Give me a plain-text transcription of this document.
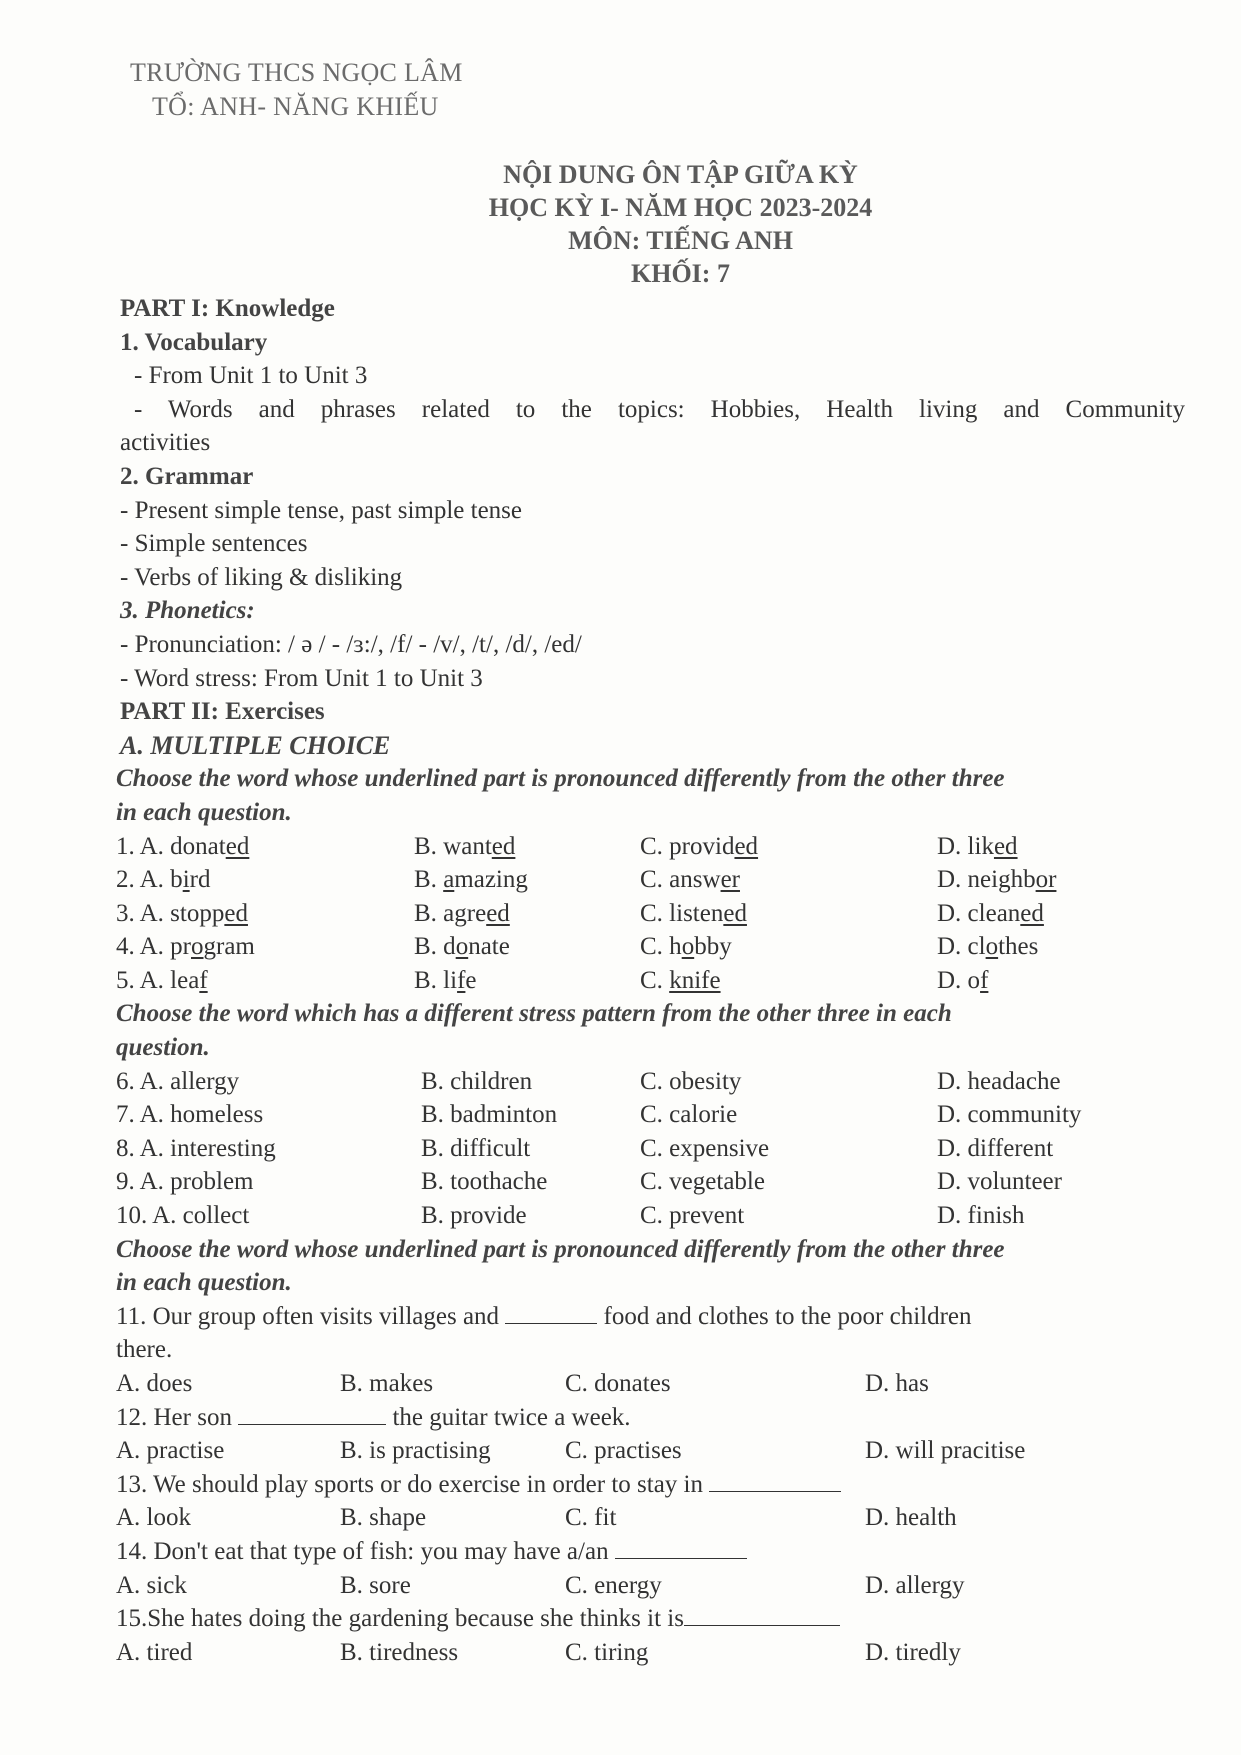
TRƯỜNG THCS NGỌC LÂM
TỔ: ANH- NĂNG KHIẾU
NỘI DUNG ÔN TẬP GIỮA KỲ
HỌC KỲ I- NĂM HỌC 2023-2024
MÔN: TIẾNG ANH
KHỐI: 7
PART I: Knowledge
1. Vocabulary
- From Unit 1 to Unit 3
- Words and phrases related to the topics: Hobbies, Health living and Community
activities
2. Grammar
- Present simple tense, past simple tense
- Simple sentences
- Verbs of liking & disliking
3. Phonetics:
- Pronunciation: / ə / - /ɜ:/, /f/ - /v/, /t/, /d/, /ed/
- Word stress: From Unit 1 to Unit 3
PART II: Exercises
A. MULTIPLE CHOICE
Choose the word whose underlined part is pronounced differently from the other three
in each question.
1. A. donated	B. wanted	C. provided	D. liked
2. A. bird	B. amazing	C. answer	D. neighbor
3. A. stopped	B. agreed	C. listened	D. cleaned
4. A. program	B. donate	C. hobby	D. clothes
5. A. leaf	B. life	C. knife	D. of
Choose the word which has a different stress pattern from the other three in each
question.
6. A. allergy	B. children	C. obesity	D. headache
7. A. homeless	B. badminton	C. calorie	D. community
8. A. interesting	B. difficult	C. expensive	D. different
9. A. problem	B. toothache	C. vegetable	D. volunteer
10. A. collect	B. provide	C. prevent	D. finish
Choose the word whose underlined part is pronounced differently from the other three
in each question.
11. Our group often visits villages and	food and clothes to the poor children
there.
A. does	B. makes	C. donates	D. has
12. Her son	the guitar twice a week.
A. practise	B. is practising	C. practises	D. will pracitise
13. We should play sports or do exercise in order to stay in
A. look	B. shape	C. fit	D. health
14. Don't eat that type of fish: you may have a/an
A. sick	B. sore	C. energy	D. allergy
15.She hates doing the gardening because she thinks it is
A. tired	B. tiredness	C. tiring	D. tiredly
